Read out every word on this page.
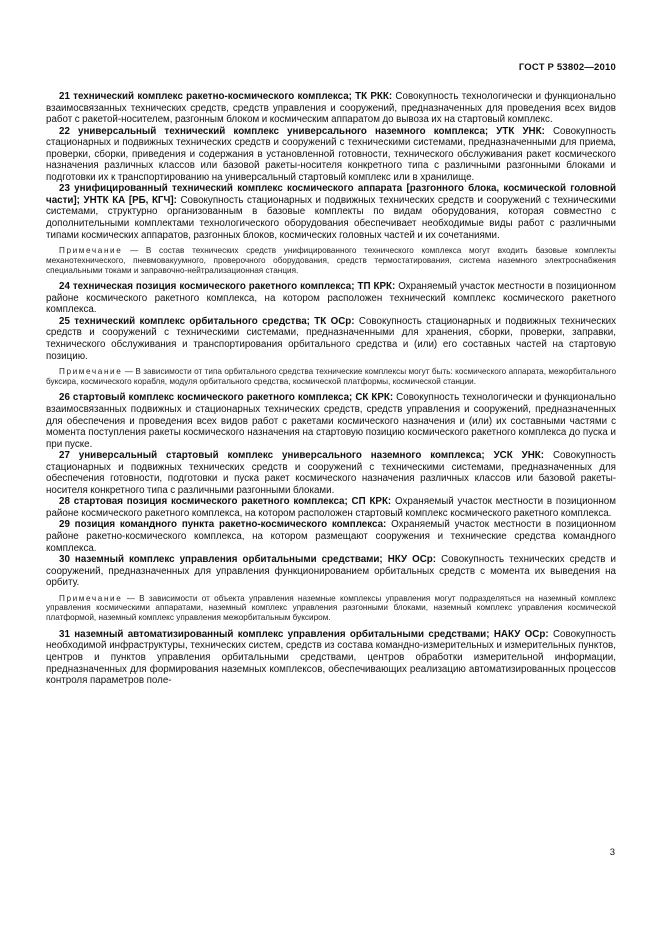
ГОСТ Р 53802—2010

21 технический комплекс ракетно-космического комплекса; ТК РКК: Совокупность технологически и функционально взаимосвязанных технических средств, средств управления и сооружений, предназначенных для проведения всех видов работ с ракетой-носителем, разгонным блоком и космическим аппаратом до вывоза их на стартовый комплекс.

22 универсальный технический комплекс универсального наземного комплекса; УТК УНК: Совокупность стационарных и подвижных технических средств и сооружений с техническими системами, предназначенными для приема, проверки, сборки, приведения и содержания в установленной готовности, технического обслуживания ракет космического назначения различных классов или базовой ракеты-носителя конкретного типа с различными разгонными блоками и подготовки их к транспортированию на универсальный стартовый комплекс или в хранилище.

23 унифицированный технический комплекс космического аппарата [разгонного блока, космической головной части]; УНТК КА [РБ, КГЧ]: Совокупность стационарных и подвижных технических средств и сооружений с техническими системами, структурно организованным в базовые комплекты по видам оборудования, которая совместно с дополнительными комплектами технологического оборудования обеспечивает необходимые виды работ с различными типами космических аппаратов, разгонных блоков, космических головных частей и их сочетаниями.

Примечание — В состав технических средств унифицированного технического комплекса могут входить базовые комплекты механотехнического, пневмовакуумного, проверочного оборудования, средств термостатирования, система наземного электроснабжения специальными токами и заправочно-нейтрализационная станция.

24 техническая позиция космического ракетного комплекса; ТП КРК: Охраняемый участок местности в позиционном районе космического ракетного комплекса, на котором расположен технический комплекс космического ракетного комплекса.

25 технический комплекс орбитального средства; ТК ОСр: Совокупность стационарных и подвижных технических средств и сооружений с техническими системами, предназначенными для хранения, сборки, проверки, заправки, технического обслуживания и транспортирования орбитального средства и (или) его составных частей на стартовую позицию.

Примечание — В зависимости от типа орбитального средства технические комплексы могут быть: космического аппарата, межорбитального буксира, космического корабля, модуля орбитального средства, космической платформы, космической станции.

26 стартовый комплекс космического ракетного комплекса; СК КРК: Совокупность технологически и функционально взаимосвязанных подвижных и стационарных технических средств, средств управления и сооружений, предназначенных для обеспечения и проведения всех видов работ с ракетами космического назначения и (или) их составными частями с момента поступления ракеты космического назначения на стартовую позицию космического ракетного комплекса до пуска и при пуске.

27 универсальный стартовый комплекс универсального наземного комплекса; УСК УНК: Совокупность стационарных и подвижных технических средств и сооружений с техническими системами, предназначенных для обеспечения готовности, подготовки и пуска ракет космического назначения различных классов или базовой ракеты-носителя конкретного типа с различными разгонными блоками.

28 стартовая позиция космического ракетного комплекса; СП КРК: Охраняемый участок местности в позиционном районе космического ракетного комплекса, на котором расположен стартовый комплекс космического ракетного комплекса.

29 позиция командного пункта ракетно-космического комплекса: Охраняемый участок местности в позиционном районе ракетно-космического комплекса, на котором размещают сооружения и технические средства командного комплекса.

30 наземный комплекс управления орбитальными средствами; НКУ ОСр: Совокупность технических средств и сооружений, предназначенных для управления функционированием орбитальных средств с момента их выведения на орбиту.

Примечание — В зависимости от объекта управления наземные комплексы управления могут подразделяться на наземный комплекс управления космическими аппаратами, наземный комплекс управления разгонными блоками, наземный комплекс управления космической платформой, наземный комплекс управления межорбитальным буксиром.

31 наземный автоматизированный комплекс управления орбитальными средствами; НАКУ ОСр: Совокупность необходимой инфраструктуры, технических систем, средств из состава командно-измерительных и измерительных пунктов, центров и пунктов управления орбитальными средствами, центров обработки измерительной информации, предназначенных для формирования наземных комплексов, обеспечивающих реализацию автоматизированных процессов контроля параметров поле-

3
